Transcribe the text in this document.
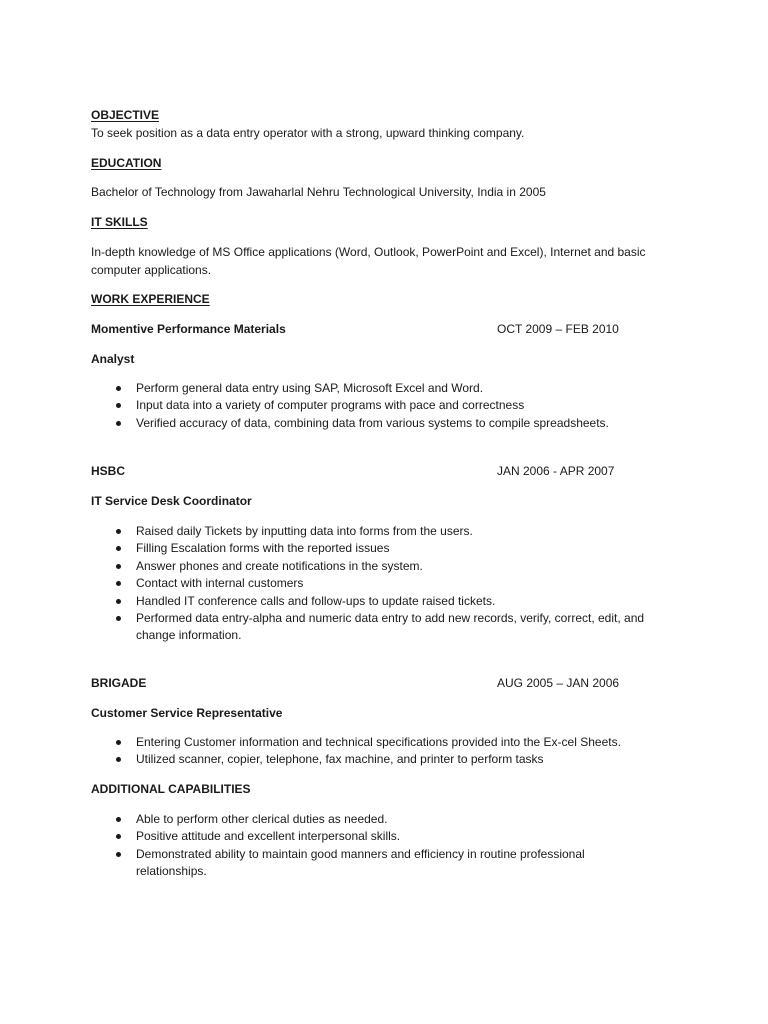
OBJECTIVE
To seek position as a data entry operator with a strong, upward thinking company.
EDUCATION
Bachelor of Technology from Jawaharlal Nehru Technological University, India in 2005
IT SKILLS
In-depth knowledge of MS Office applications (Word, Outlook, PowerPoint and Excel), Internet and basic computer applications.
WORK EXPERIENCE
Momentive Performance Materials	OCT 2009 – FEB 2010
Analyst
Perform general data entry using SAP, Microsoft Excel and Word.
Input data into a variety of computer programs with pace and correctness
Verified accuracy of data, combining data from various systems to compile spreadsheets.
HSBC	JAN 2006 - APR 2007
IT Service Desk Coordinator
Raised daily Tickets by inputting data into forms from the users.
Filling Escalation forms with the reported issues
Answer phones and create notifications in the system.
Contact with internal customers
Handled IT conference calls and follow-ups to update raised tickets.
Performed data entry-alpha and numeric data entry to add new records, verify, correct, edit, and change information.
BRIGADE	AUG 2005 – JAN 2006
Customer Service Representative
Entering Customer information and technical specifications provided into the Ex-cel Sheets.
Utilized scanner, copier, telephone, fax machine, and printer to perform tasks
ADDITIONAL CAPABILITIES
Able to perform other clerical duties as needed.
Positive attitude and excellent interpersonal skills.
Demonstrated ability to maintain good manners and efficiency in routine professional relationships.
